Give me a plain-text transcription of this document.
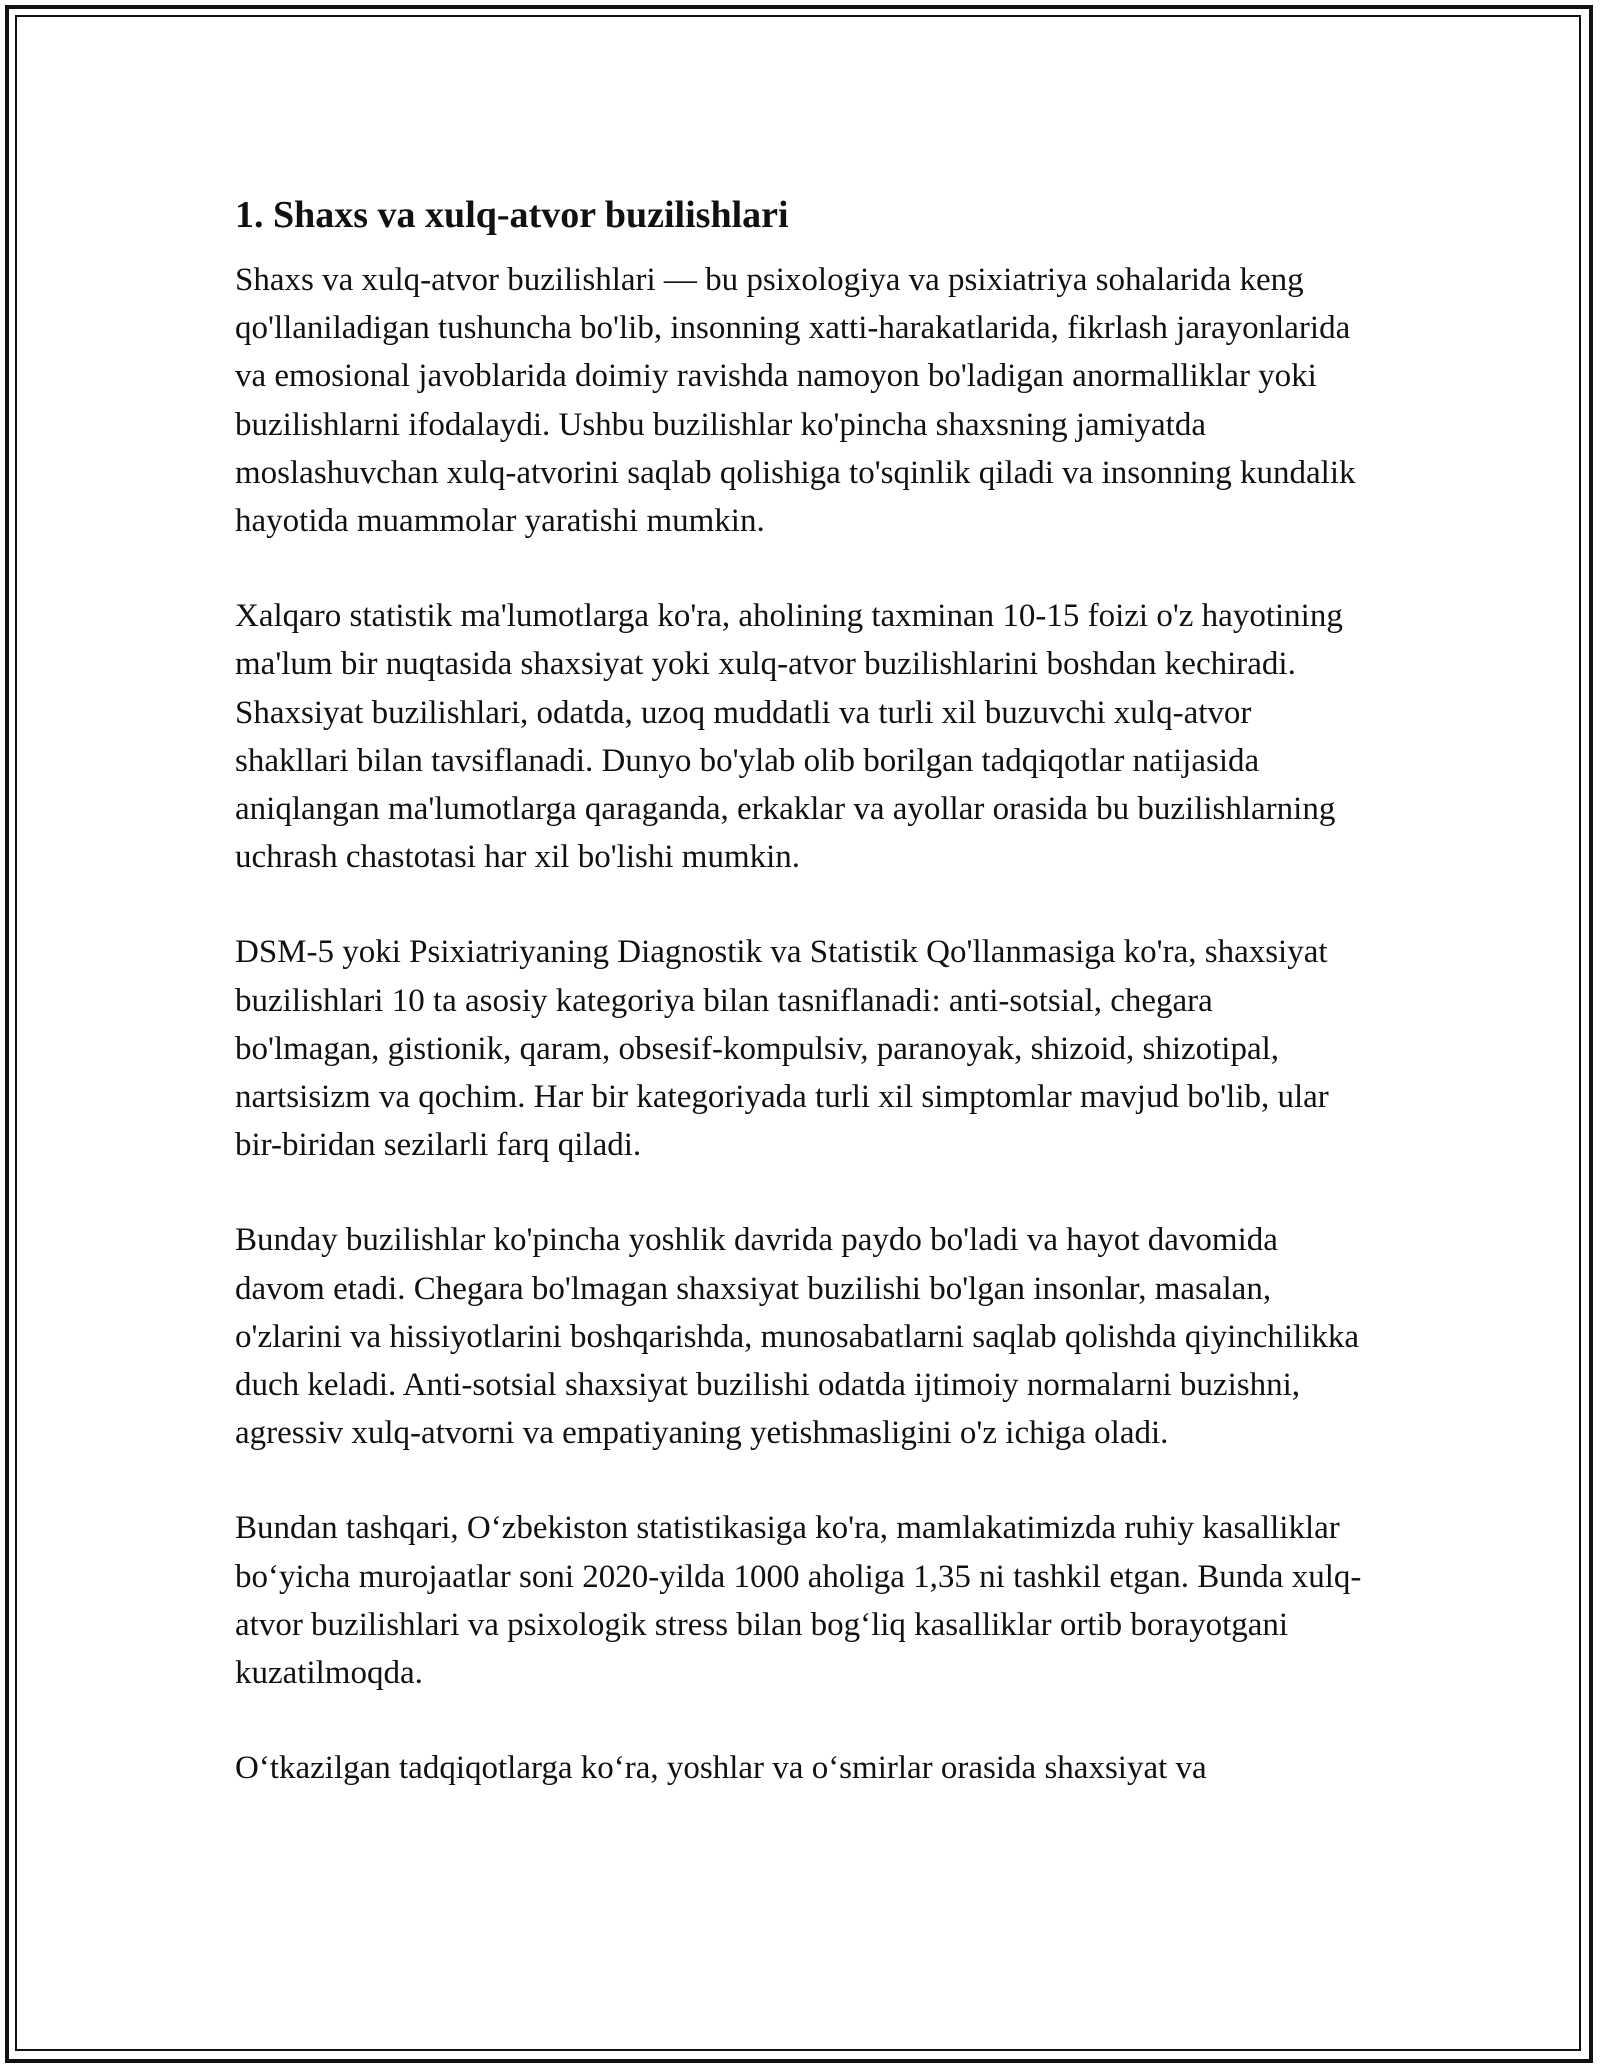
1. Shaxs va xulq-atvor buzilishlari

Shaxs va xulq-atvor buzilishlari — bu psixologiya va psixiatriya sohalarida keng qo'llaniladigan tushuncha bo'lib, insonning xatti-harakatlarida, fikrlash jarayonlarida va emosional javoblarida doimiy ravishda namoyon bo'ladigan anormalliklar yoki buzilishlarni ifodalaydi. Ushbu buzilishlar ko'pincha shaxsning jamiyatda moslashuvchan xulq-atvorini saqlab qolishiga to'sqinlik qiladi va insonning kundalik hayotida muammolar yaratishi mumkin.

Xalqaro statistik ma'lumotlarga ko'ra, aholining taxminan 10-15 foizi o'z hayotining ma'lum bir nuqtasida shaxsiyat yoki xulq-atvor buzilishlarini boshdan kechiradi. Shaxsiyat buzilishlari, odatda, uzoq muddatli va turli xil buzuvchi xulq-atvor shakllari bilan tavsiflanadi. Dunyo bo'ylab olib borilgan tadqiqotlar natijasida aniqlangan ma'lumotlarga qaraganda, erkaklar va ayollar orasida bu buzilishlarning uchrash chastotasi har xil bo'lishi mumkin.

DSM-5 yoki Psixiatriyaning Diagnostik va Statistik Qo'llanmasiga ko'ra, shaxsiyat buzilishlari 10 ta asosiy kategoriya bilan tasniflanadi: anti-sotsial, chegara bo'lmagan, gistionik, qaram, obsesif-kompulsiv, paranoyak, shizoid, shizotipal, nartsisizm va qochim. Har bir kategoriyada turli xil simptomlar mavjud bo'lib, ular bir-biridan sezilarli farq qiladi.

Bunday buzilishlar ko'pincha yoshlik davrida paydo bo'ladi va hayot davomida davom etadi. Chegara bo'lmagan shaxsiyat buzilishi bo'lgan insonlar, masalan, o'zlarini va hissiyotlarini boshqarishda, munosabatlarni saqlab qolishda qiyinchilikka duch keladi. Anti-sotsial shaxsiyat buzilishi odatda ijtimoiy normalarni buzishni, agressiv xulq-atvorni va empatiyaning yetishmasligini o'z ichiga oladi.

Bundan tashqari, O‘zbekiston statistikasiga ko'ra, mamlakatimizda ruhiy kasalliklar bo‘yicha murojaatlar soni 2020-yilda 1000 aholiga 1,35 ni tashkil etgan. Bunda xulq-atvor buzilishlari va psixologik stress bilan bog‘liq kasalliklar ortib borayotgani kuzatilmoqda.

O‘tkazilgan tadqiqotlarga ko‘ra, yoshlar va o‘smirlar orasida shaxsiyat va
